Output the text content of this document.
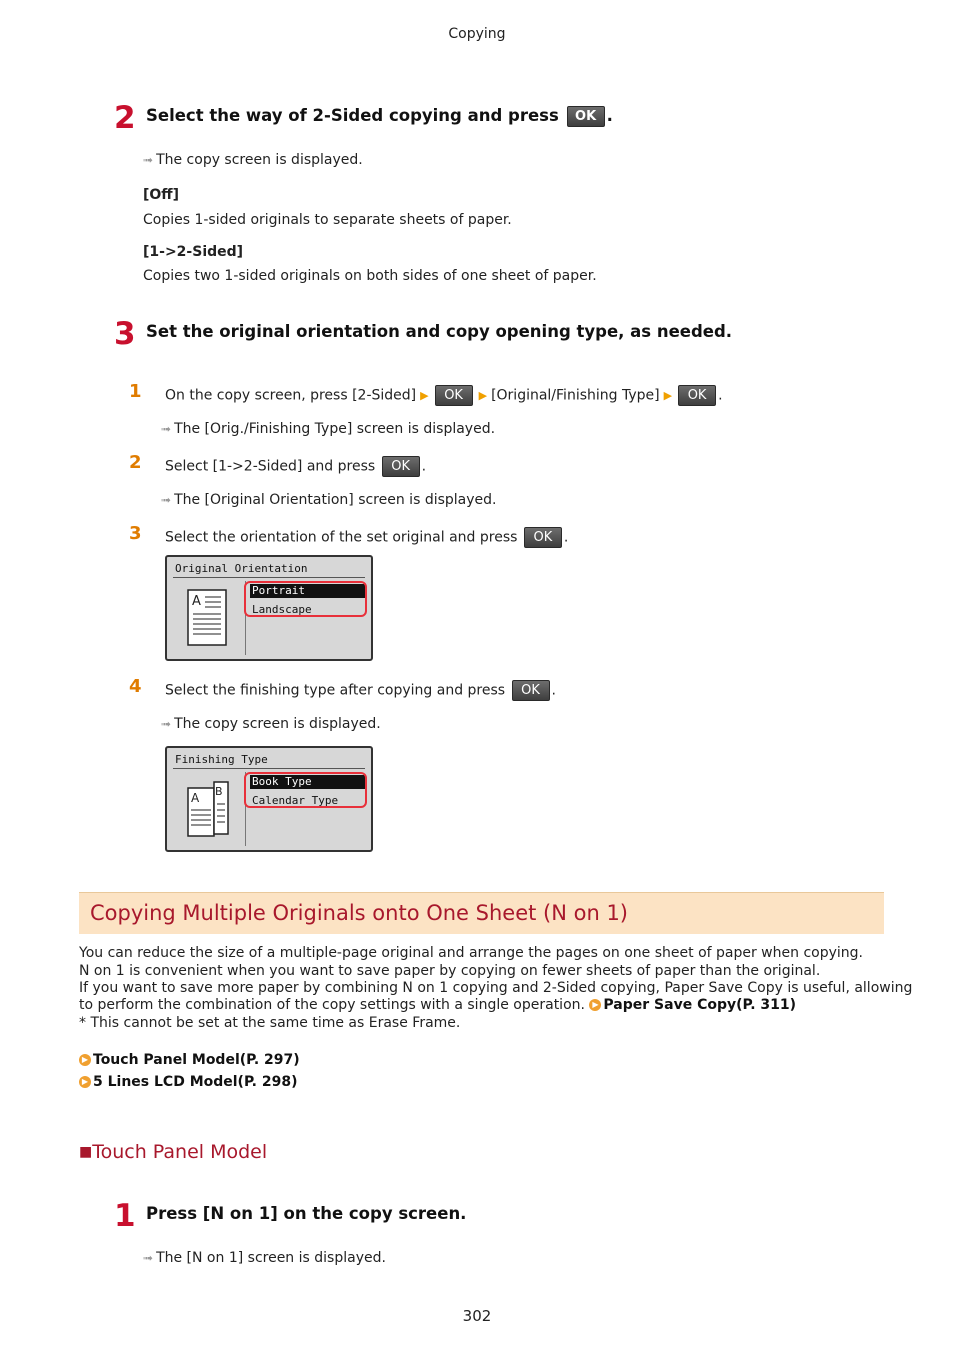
Copying
2 Select the way of 2-Sided copying and press OK .
➟ The copy screen is displayed.
[Off]
Copies 1-sided originals to separate sheets of paper.
[1->2-Sided]
Copies two 1-sided originals on both sides of one sheet of paper.
3 Set the original orientation and copy opening type, as needed.
1 On the copy screen, press [2-Sided] ▶ OK ▶ [Original/Finishing Type] ▶ OK .
➟ The [Orig./Finishing Type] screen is displayed.
2 Select [1->2-Sided] and press OK .
➟ The [Original Orientation] screen is displayed.
3 Select the orientation of the set original and press OK .
Original Orientation
A
Portrait
Landscape
4 Select the finishing type after copying and press OK .
➟ The copy screen is displayed.
Finishing Type
A B
Book Type
Calendar Type
Copying Multiple Originals onto One Sheet (N on 1)
You can reduce the size of a multiple-page original and arrange the pages on one sheet of paper when copying.
N on 1 is convenient when you want to save paper by copying on fewer sheets of paper than the original.
If you want to save more paper by combining N on 1 copying and 2-Sided copying, Paper Save Copy is useful, allowing
to perform the combination of the copy settings with a single operation. ▶ Paper Save Copy(P. 311)
* This cannot be set at the same time as Erase Frame.
▶ Touch Panel Model(P. 297)
▶ 5 Lines LCD Model(P. 298)
■Touch Panel Model
1 Press [N on 1] on the copy screen.
➟ The [N on 1] screen is displayed.
302
